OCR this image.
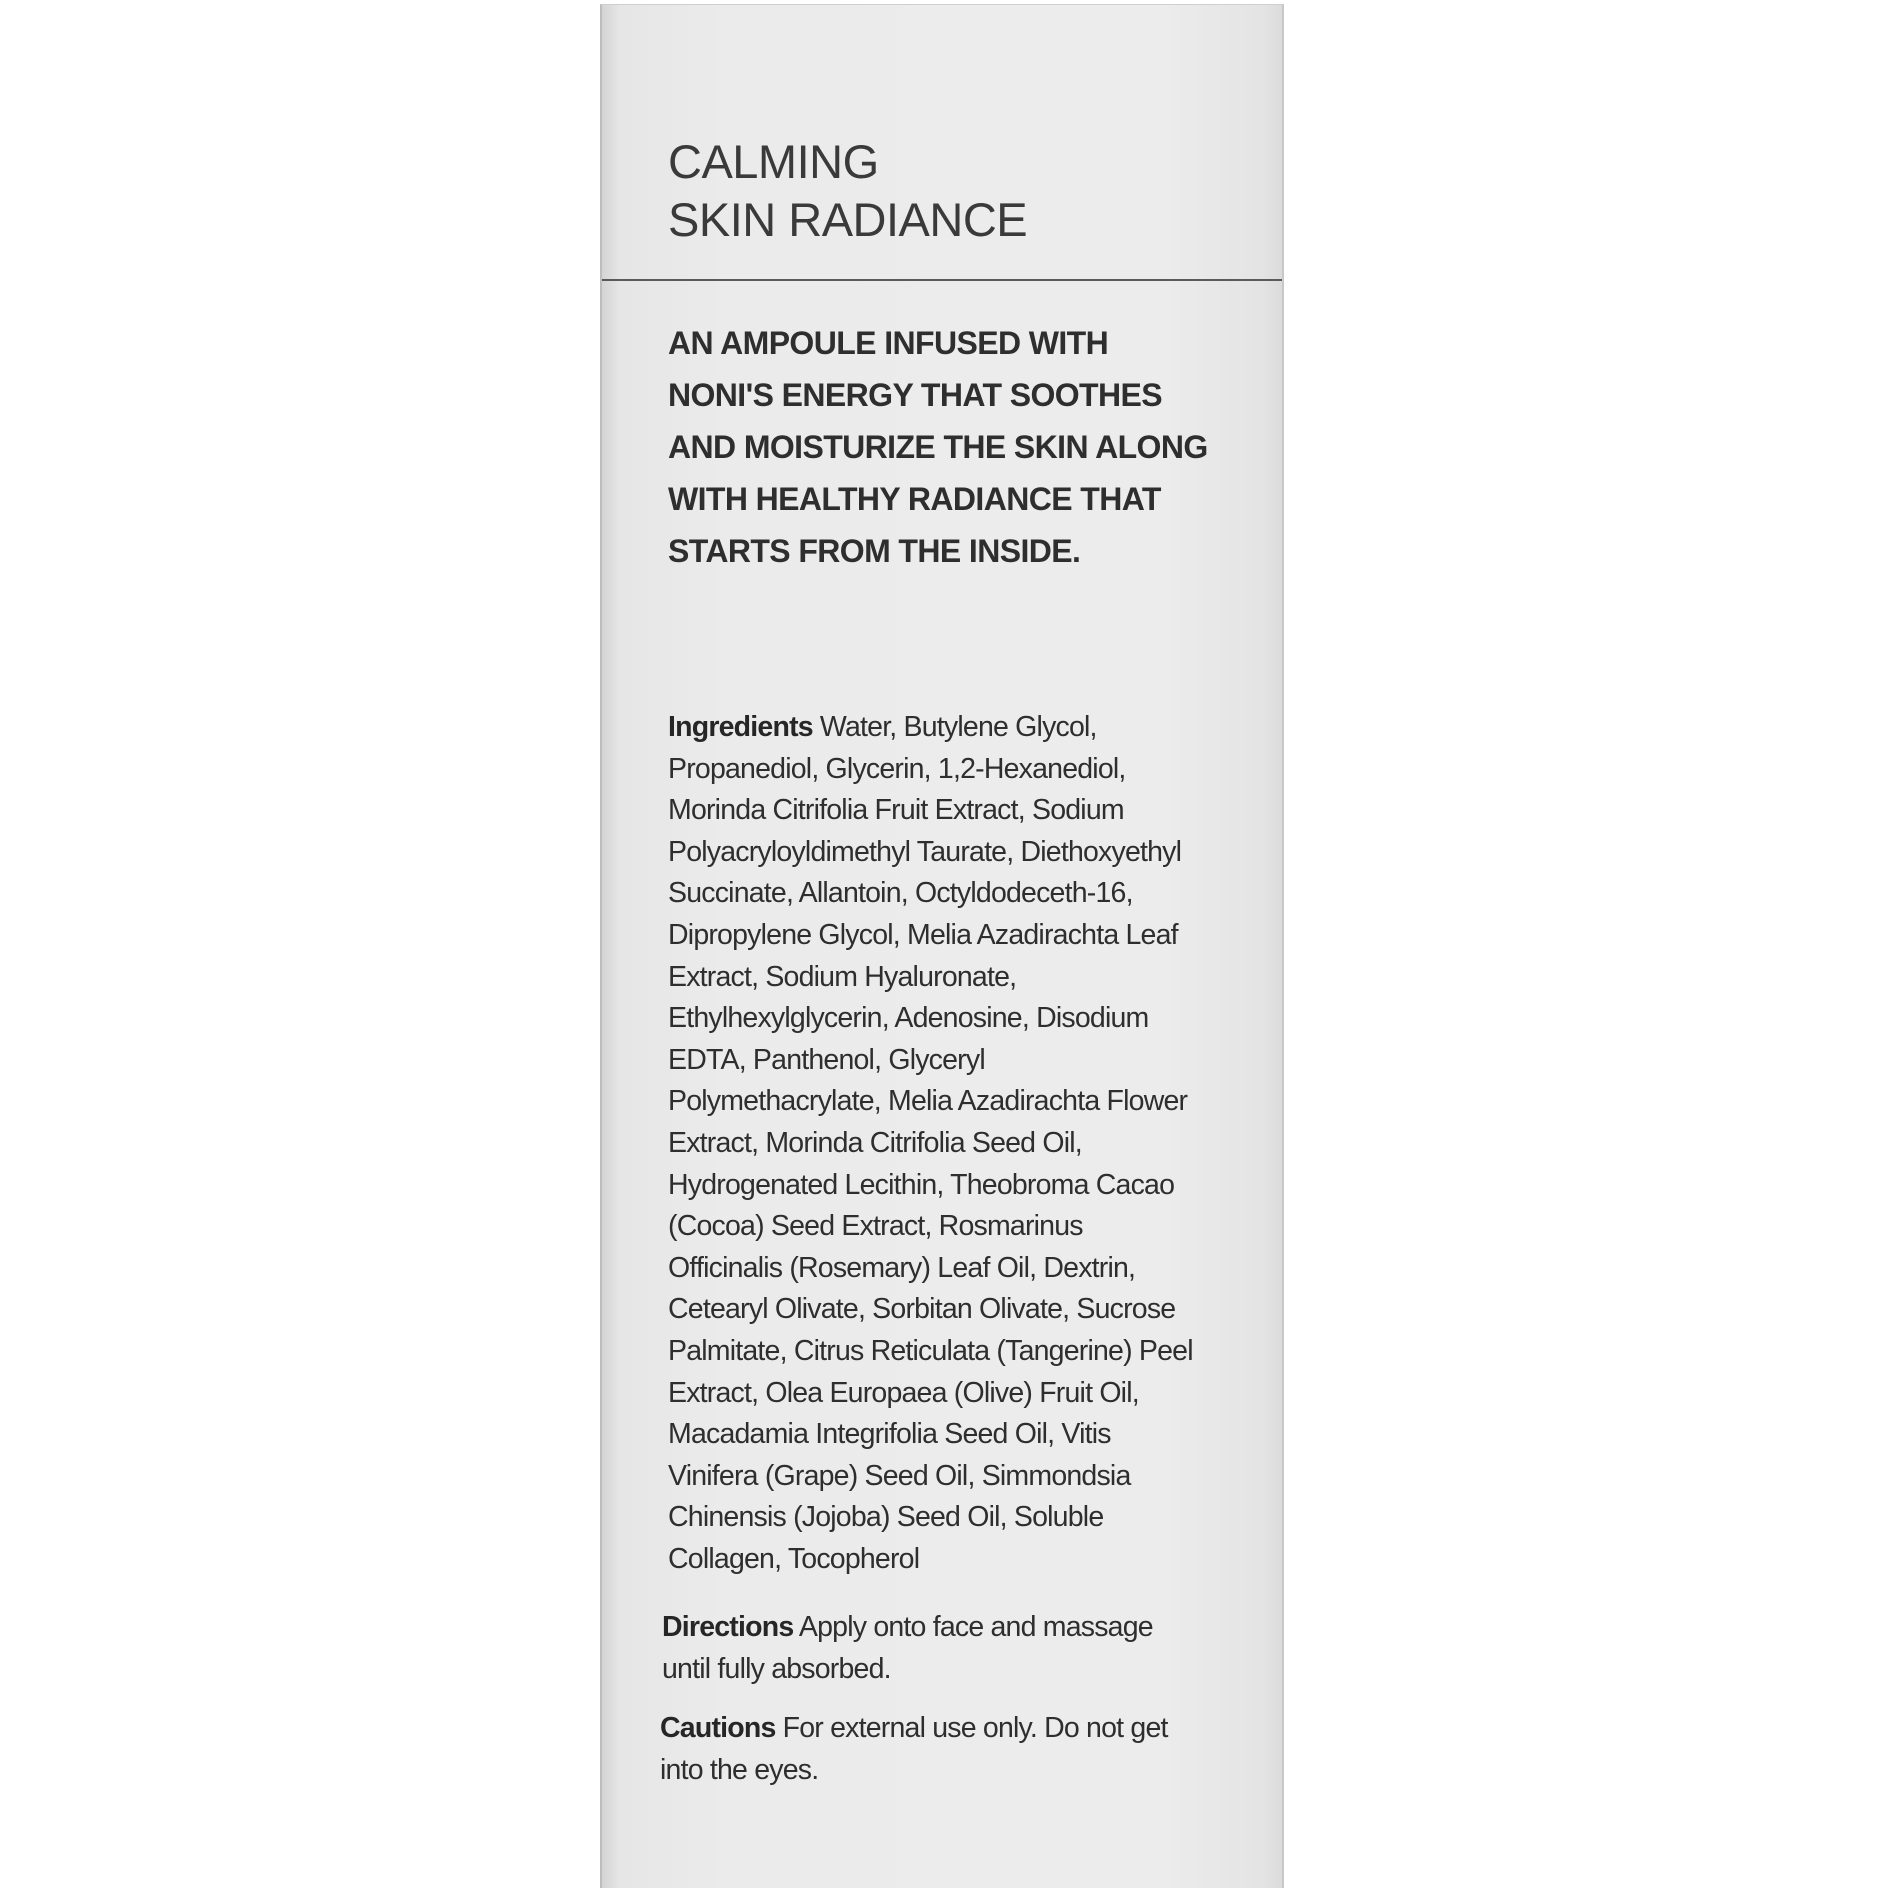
CALMING
SKIN RADIANCE
AN AMPOULE INFUSED WITH
NONI'S ENERGY THAT SOOTHES
AND MOISTURIZE THE SKIN ALONG
WITH HEALTHY RADIANCE THAT
STARTS FROM THE INSIDE.
Ingredients Water, Butylene Glycol,
Propanediol, Glycerin, 1,2-Hexanediol,
Morinda Citrifolia Fruit Extract, Sodium
Polyacryloyldimethyl Taurate, Diethoxyethyl
Succinate, Allantoin, Octyldodeceth-16,
Dipropylene Glycol, Melia Azadirachta Leaf
Extract, Sodium Hyaluronate,
Ethylhexylglycerin, Adenosine, Disodium
EDTA, Panthenol, Glyceryl
Polymethacrylate, Melia Azadirachta Flower
Extract, Morinda Citrifolia Seed Oil,
Hydrogenated Lecithin, Theobroma Cacao
(Cocoa) Seed Extract, Rosmarinus
Officinalis (Rosemary) Leaf Oil, Dextrin,
Cetearyl Olivate, Sorbitan Olivate, Sucrose
Palmitate, Citrus Reticulata (Tangerine) Peel
Extract, Olea Europaea (Olive) Fruit Oil,
Macadamia Integrifolia Seed Oil, Vitis
Vinifera (Grape) Seed Oil, Simmondsia
Chinensis (Jojoba) Seed Oil, Soluble
Collagen, Tocopherol
Directions Apply onto face and massage
until fully absorbed.
Cautions For external use only. Do not get
into the eyes.
